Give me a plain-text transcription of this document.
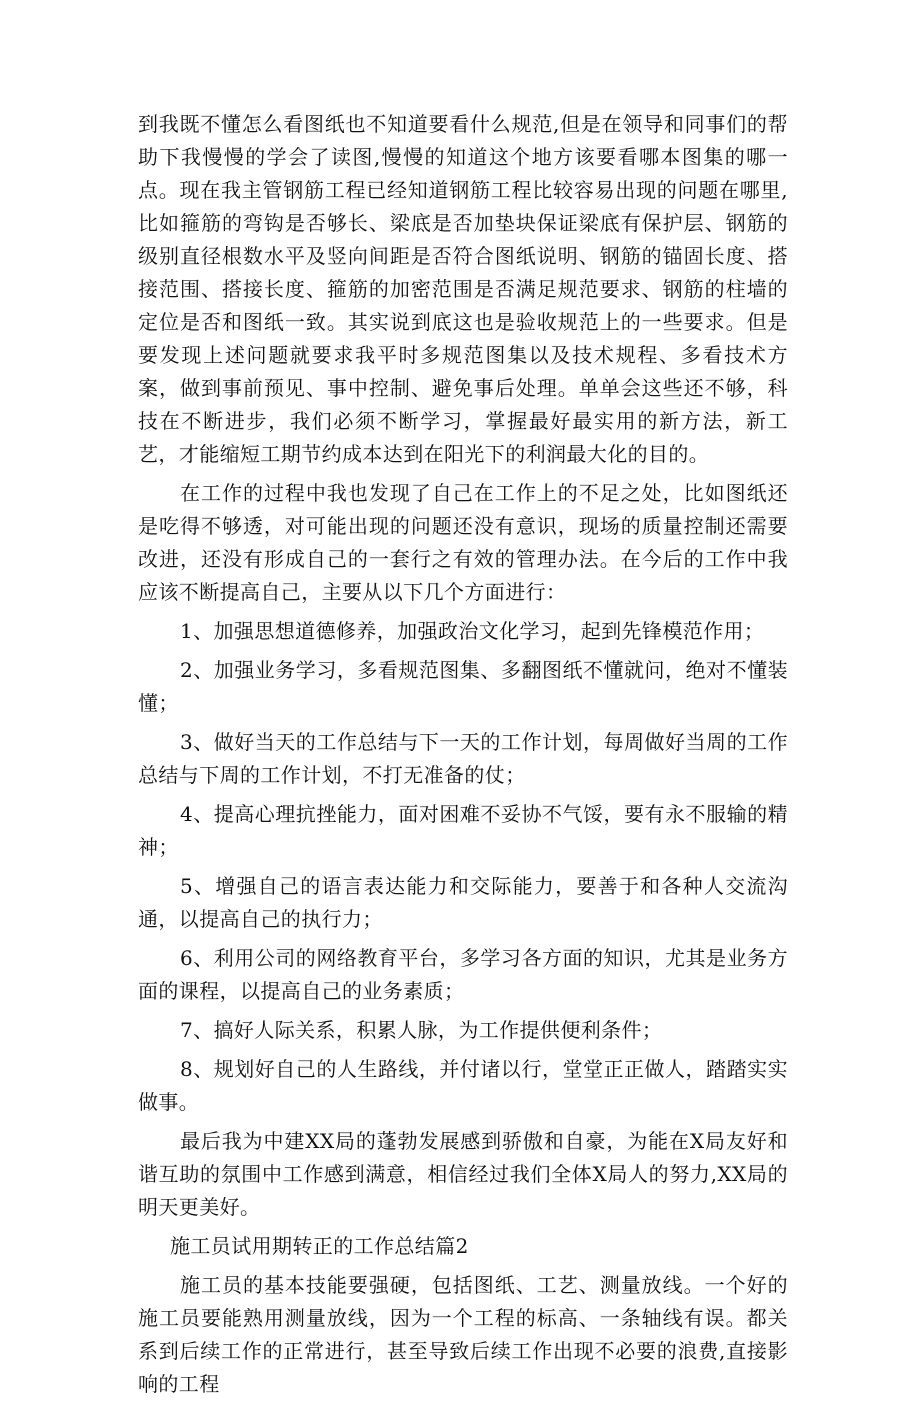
到我既不懂怎么看图纸也不知道要看什么规范,但是在领导和同事们的帮助下我慢慢的学会了读图,慢慢的知道这个地方该要看哪本图集的哪一点。现在我主管钢筋工程已经知道钢筋工程比较容易出现的问题在哪里,比如箍筋的弯钩是否够长、梁底是否加垫块保证梁底有保护层、钢筋的级别直径根数水平及竖向间距是否符合图纸说明、钢筋的锚固长度、搭接范围、搭接长度、箍筋的加密范围是否满足规范要求、钢筋的柱墙的定位是否和图纸一致。其实说到底这也是验收规范上的一些要求。但是要发现上述问题就要求我平时多规范图集以及技术规程、多看技术方案，做到事前预见、事中控制、避免事后处理。单单会这些还不够，科技在不断进步，我们必须不断学习，掌握最好最实用的新方法，新工艺，才能缩短工期节约成本达到在阳光下的利润最大化的目的。

在工作的过程中我也发现了自己在工作上的不足之处，比如图纸还是吃得不够透，对可能出现的问题还没有意识，现场的质量控制还需要改进，还没有形成自己的一套行之有效的管理办法。在今后的工作中我应该不断提高自己，主要从以下几个方面进行：

1、加强思想道德修养，加强政治文化学习，起到先锋模范作用；

2、加强业务学习，多看规范图集、多翻图纸不懂就问，绝对不懂装懂；

3、做好当天的工作总结与下一天的工作计划，每周做好当周的工作总结与下周的工作计划，不打无准备的仗；

4、提高心理抗挫能力，面对困难不妥协不气馁，要有永不服输的精神；

5、增强自己的语言表达能力和交际能力，要善于和各种人交流沟通，以提高自己的执行力；

6、利用公司的网络教育平台，多学习各方面的知识，尤其是业务方面的课程，以提高自己的业务素质；

7、搞好人际关系，积累人脉，为工作提供便利条件；

8、规划好自己的人生路线，并付诸以行，堂堂正正做人，踏踏实实做事。

最后我为中建XX局的蓬勃发展感到骄傲和自豪，为能在X局友好和谐互助的氛围中工作感到满意，相信经过我们全体X局人的努力,XX局的明天更美好。

施工员试用期转正的工作总结篇2

施工员的基本技能要强硬，包括图纸、工艺、测量放线。一个好的施工员要能熟用测量放线，因为一个工程的标高、一条轴线有误。都关系到后续工作的正常进行，甚至导致后续工作出现不必要的浪费,直接影响的工程
